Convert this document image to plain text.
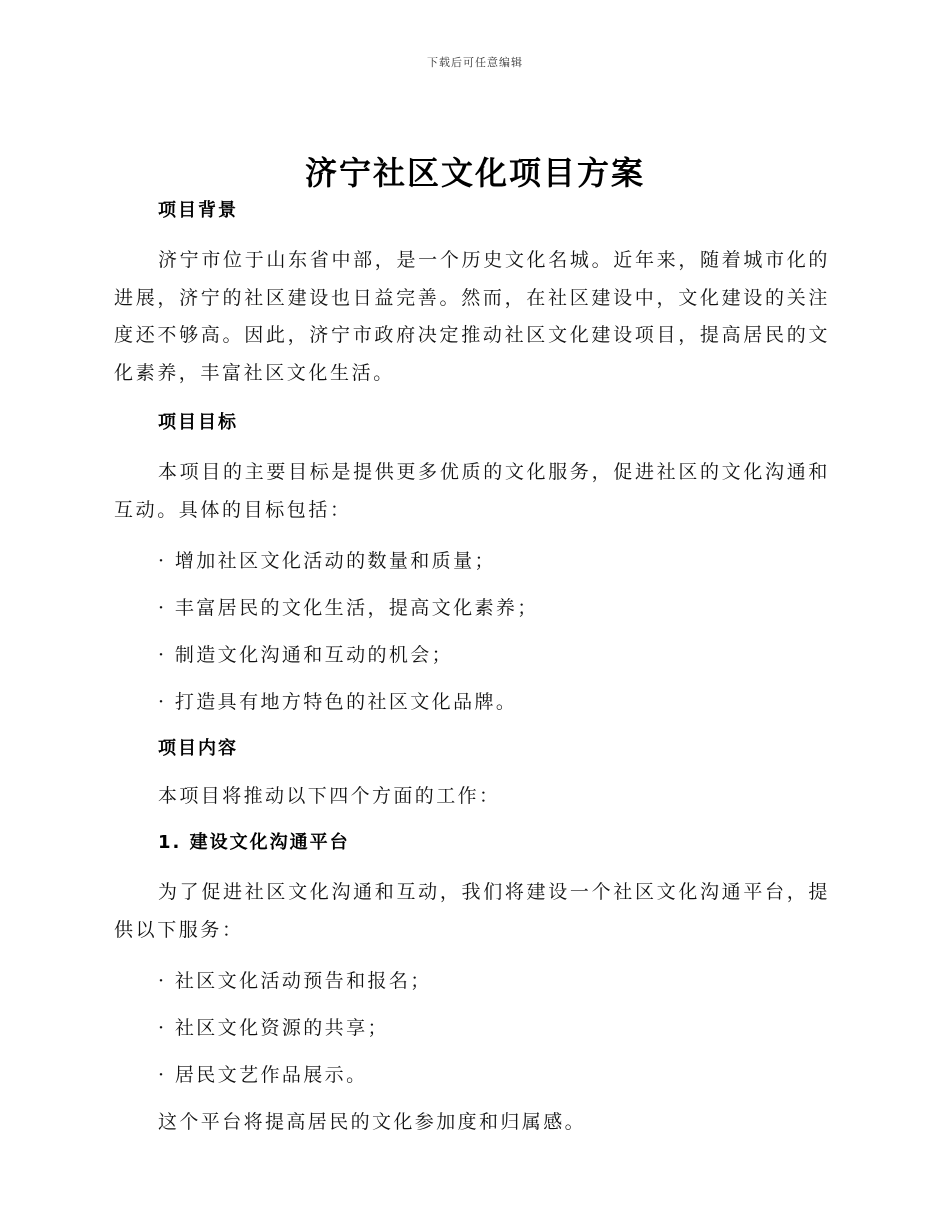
下载后可任意编辑
济宁社区文化项目方案
项目背景

济宁市位于山东省中部，是一个历史文化名城。近年来，随着城市化的进展，济宁的社区建设也日益完善。然而，在社区建设中，文化建设的关注度还不够高。因此，济宁市政府决定推动社区文化建设项目，提高居民的文化素养，丰富社区文化生活。

项目目标

本项目的主要目标是提供更多优质的文化服务，促进社区的文化沟通和互动。具体的目标包括：

· 增加社区文化活动的数量和质量；

· 丰富居民的文化生活，提高文化素养；

· 制造文化沟通和互动的机会；

· 打造具有地方特色的社区文化品牌。

项目内容

本项目将推动以下四个方面的工作：

1. 建设文化沟通平台

为了促进社区文化沟通和互动，我们将建设一个社区文化沟通平台，提供以下服务：

· 社区文化活动预告和报名；

· 社区文化资源的共享；

· 居民文艺作品展示。

这个平台将提高居民的文化参加度和归属感。
